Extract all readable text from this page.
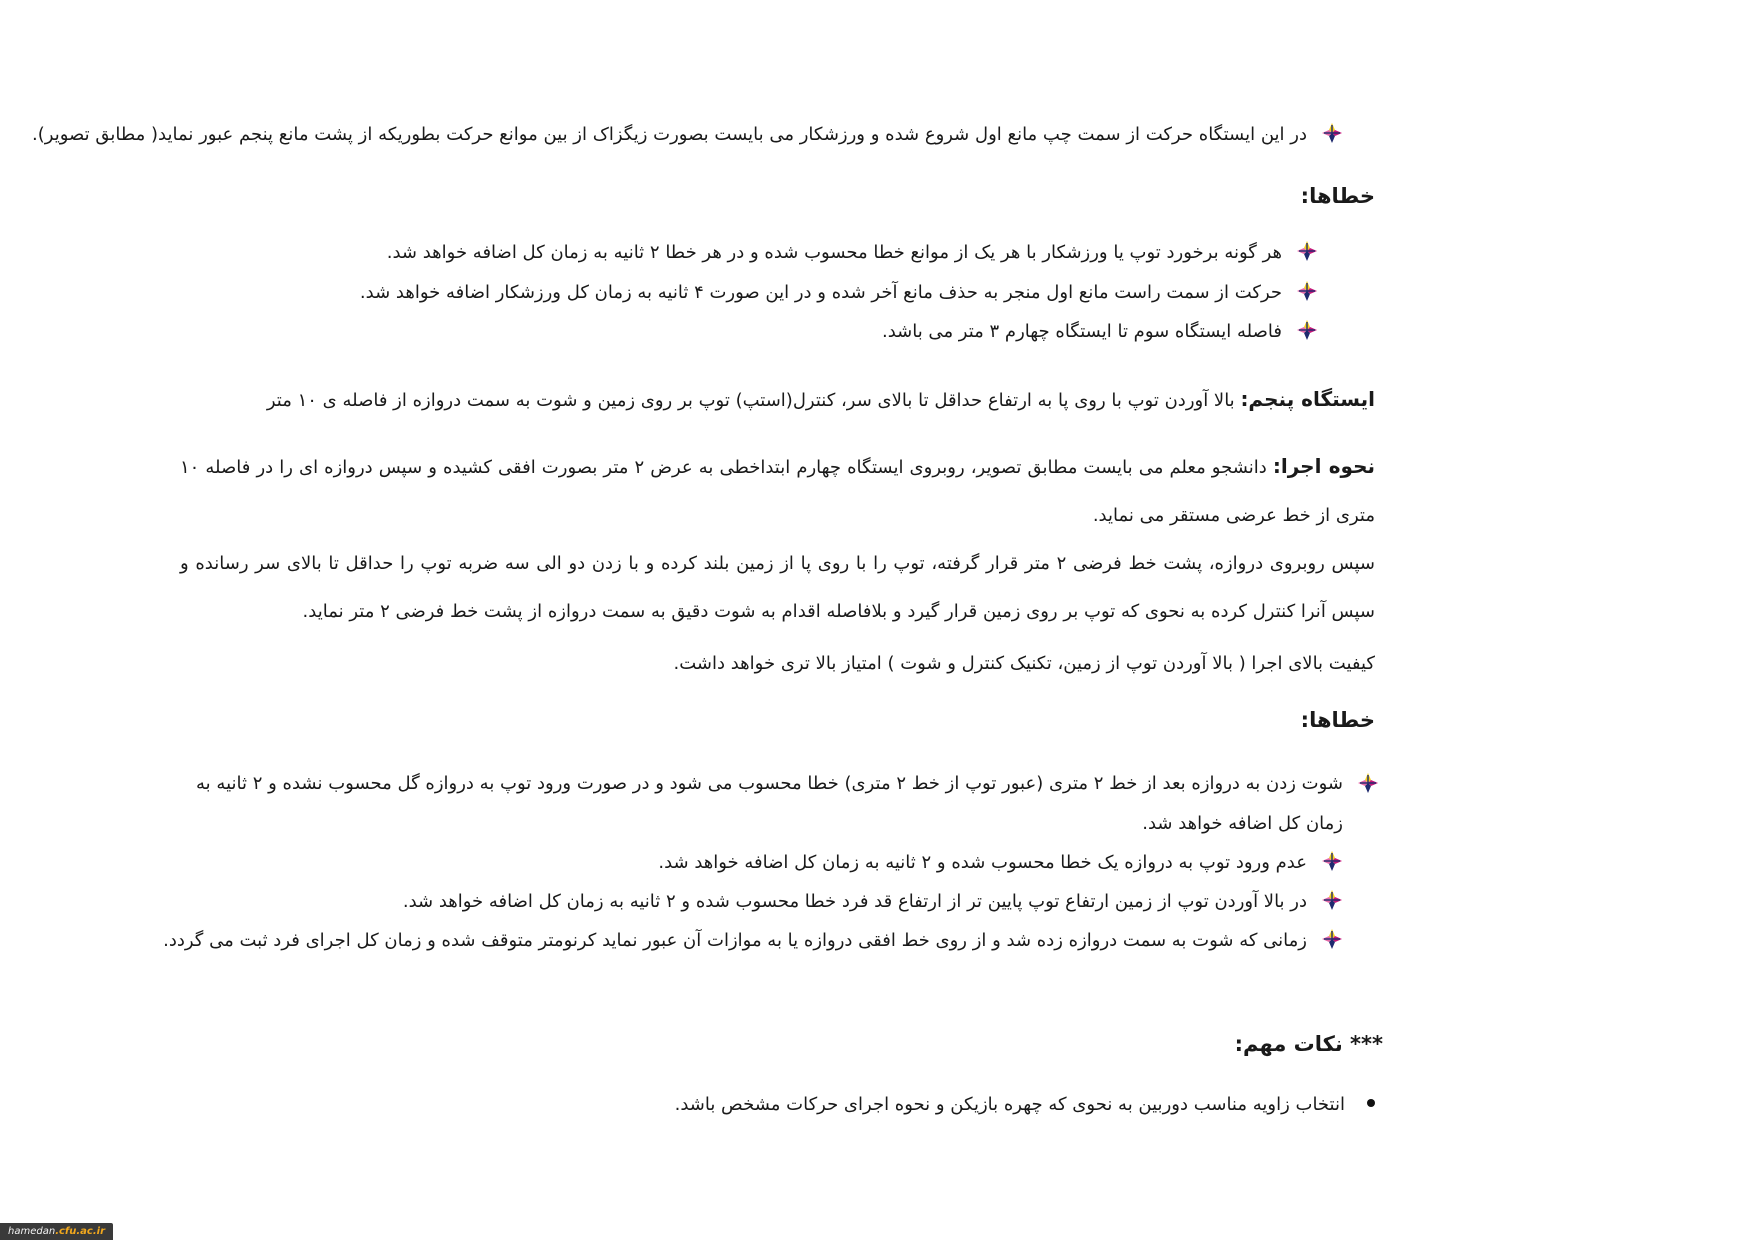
در این ایستگاه حرکت از سمت چپ مانع اول شروع شده و ورزشکار می بایست بصورت زیگزاک از بین موانع حرکت بطوریکه از پشت مانع پنجم عبور نماید( مطابق تصویر).
خطاها:
هر گونه برخورد توپ یا ورزشکار با هر یک از موانع خطا محسوب شده و در هر خطا ۲ ثانیه به زمان کل اضافه خواهد شد.
حرکت از سمت راست مانع اول منجر به حذف مانع آخر شده و در این صورت ۴ ثانیه به زمان کل ورزشکار اضافه خواهد شد.
فاصله ایستگاه سوم تا ایستگاه چهارم ۳ متر می باشد.
ایستگاه پنجم: بالا آوردن توپ با روی پا به ارتفاع حداقل تا بالای سر، کنترل(استپ) توپ بر روی زمین و شوت به سمت دروازه از فاصله ی ۱۰ متر
نحوه اجرا: دانشجو معلم می بایست مطابق تصویر، روبروی ایستگاه چهارم ابتداخطی به عرض ۲ متر بصورت افقی کشیده و سپس دروازه ای را در فاصله ۱۰ متری از خط عرضی مستقر می نماید.
سپس روبروی دروازه، پشت خط فرضی ۲ متر قرار گرفته، توپ را با روی پا از زمین بلند کرده و با زدن دو الی سه ضربه توپ را حداقل تا بالای سر رسانده و سپس آنرا کنترل کرده به نحوی که توپ بر روی زمین قرار گیرد و بلافاصله اقدام به شوت دقیق به سمت دروازه از پشت خط فرضی ۲ متر نماید.
کیفیت بالای اجرا ( بالا آوردن توپ از زمین، تکنیک کنترل و شوت ) امتیاز بالا تری خواهد داشت.
خطاها:
شوت زدن به دروازه بعد از خط ۲ متری (عبور توپ از خط ۲ متری) خطا محسوب می شود و در صورت ورود توپ به دروازه گل محسوب نشده و ۲ ثانیه به زمان کل اضافه خواهد شد.
عدم ورود توپ به دروازه یک خطا محسوب شده و ۲ ثانیه به زمان کل اضافه خواهد شد.
در بالا آوردن توپ از زمین ارتفاع توپ پایین تر از ارتفاع قد فرد خطا محسوب شده و ۲ ثانیه به زمان کل اضافه خواهد شد.
زمانی که شوت به سمت دروازه زده شد و از روی خط افقی دروازه یا به موازات آن عبور نماید کرنومتر متوقف شده و زمان کل اجرای فرد ثبت می گردد.
*** نکات مهم:
انتخاب زاویه مناسب دوربین به نحوی که چهره بازیکن و نحوه اجرای حرکات مشخص باشد.
hamedan.cfu.ac.ir
